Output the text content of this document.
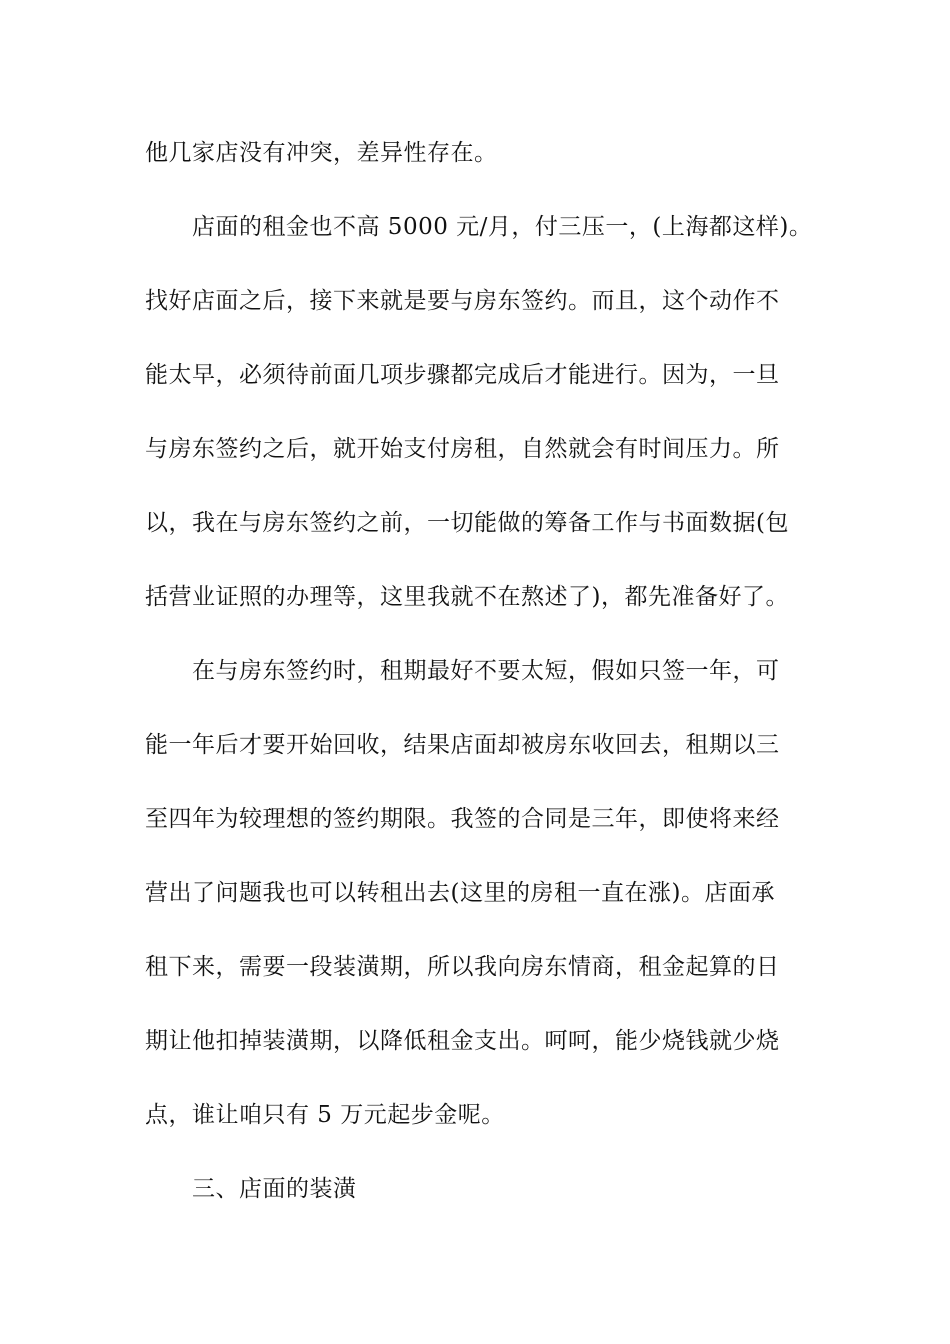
他几家店没有冲突，差异性存在。
店面的租金也不高 5000 元/月，付三压一，(上海都这样)。
找好店面之后，接下来就是要与房东签约。而且，这个动作不
能太早，必须待前面几项步骤都完成后才能进行。因为，一旦
与房东签约之后，就开始支付房租，自然就会有时间压力。所
以，我在与房东签约之前，一切能做的筹备工作与书面数据(包
括营业证照的办理等，这里我就不在熬述了)，都先准备好了。
在与房东签约时，租期最好不要太短，假如只签一年，可
能一年后才要开始回收，结果店面却被房东收回去，租期以三
至四年为较理想的签约期限。我签的合同是三年，即使将来经
营出了问题我也可以转租出去(这里的房租一直在涨)。店面承
租下来，需要一段装潢期，所以我向房东情商，租金起算的日
期让他扣掉装潢期，以降低租金支出。呵呵，能少烧钱就少烧
点，谁让咱只有 5 万元起步金呢。
三、店面的装潢
